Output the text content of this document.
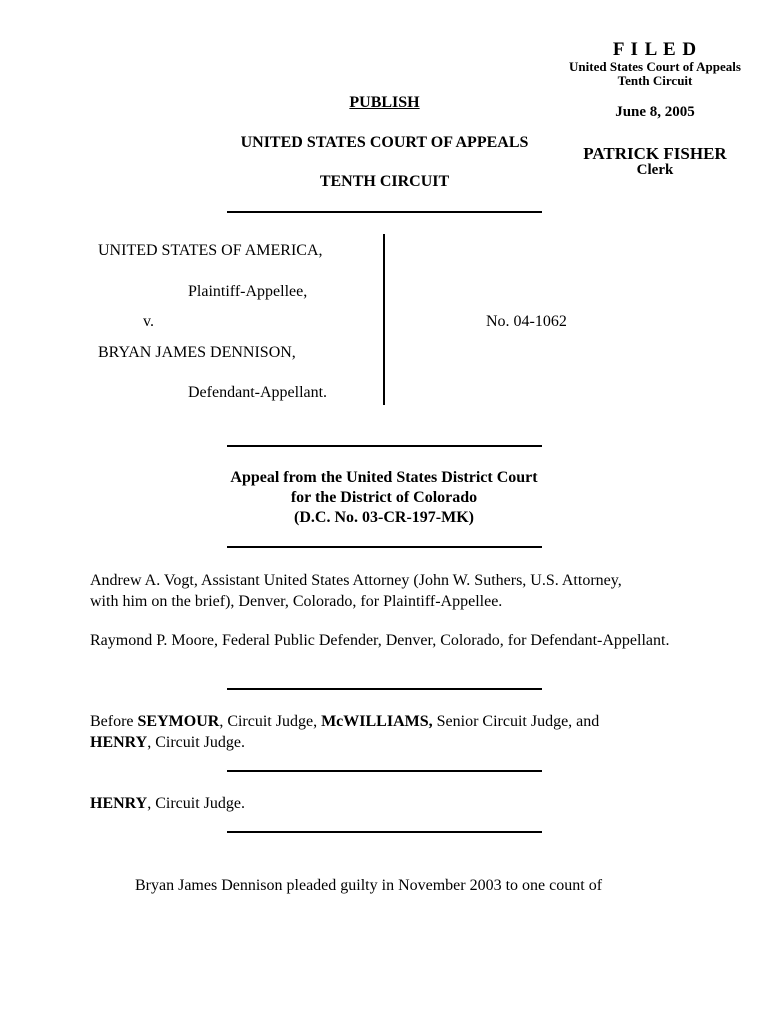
F I L E D
United States Court of Appeals
Tenth Circuit
June 8, 2005
PATRICK FISHER
Clerk
PUBLISH
UNITED STATES COURT OF APPEALS
TENTH CIRCUIT
UNITED STATES OF AMERICA,
Plaintiff-Appellee,
v.
BRYAN JAMES DENNISON,
Defendant-Appellant.
No. 04-1062
Appeal from the United States District Court
for the District of Colorado
(D.C. No. 03-CR-197-MK)
Andrew A. Vogt, Assistant United States Attorney (John W. Suthers, U.S. Attorney, with him on the brief), Denver, Colorado, for Plaintiff-Appellee.
Raymond P. Moore, Federal Public Defender, Denver, Colorado, for Defendant-Appellant.
Before SEYMOUR, Circuit Judge, McWILLIAMS, Senior Circuit Judge, and
HENRY, Circuit Judge.
HENRY, Circuit Judge.
Bryan James Dennison pleaded guilty in November 2003 to one count of
